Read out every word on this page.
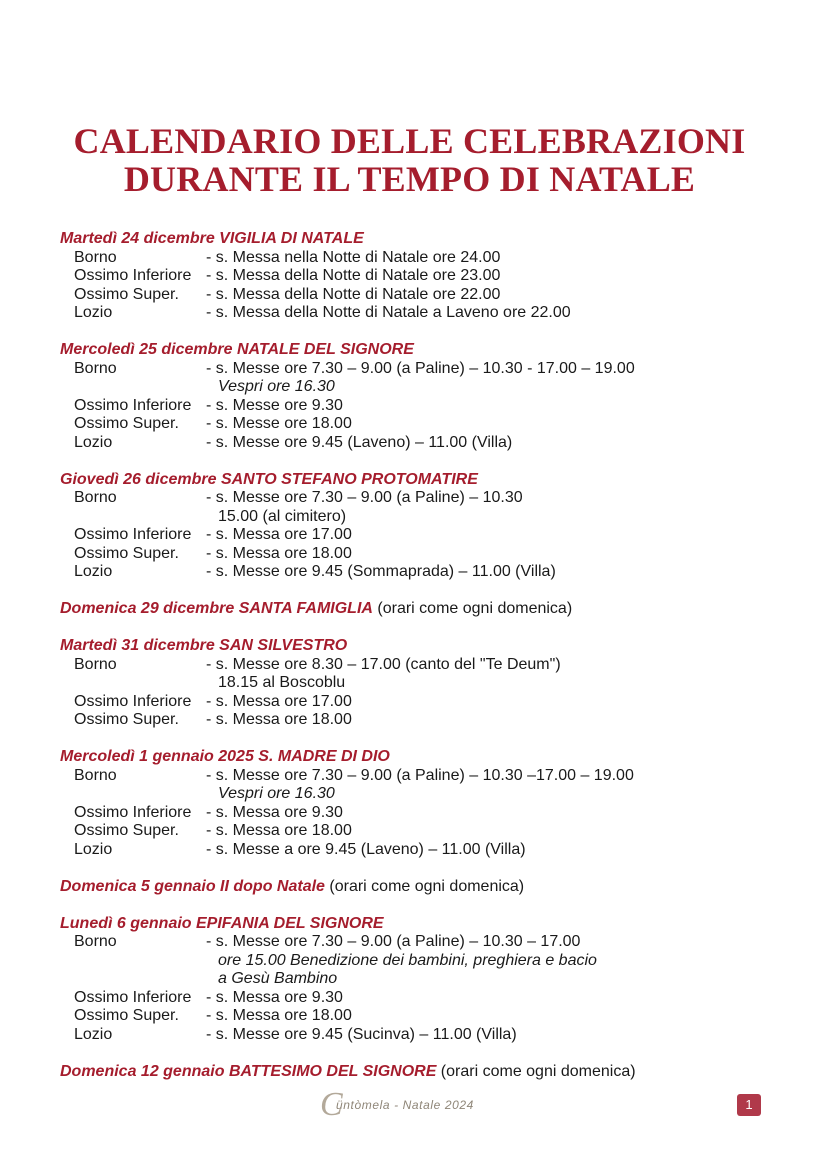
CALENDARIO DELLE CELEBRAZIONI
DURANTE IL TEMPO DI NATALE
Martedì 24 dicembre VIGILIA DI NATALE
Borno	- s. Messa nella Notte di Natale ore 24.00
Ossimo Inferiore - s. Messa della Notte di Natale ore 23.00
Ossimo Super. - s. Messa della Notte di Natale ore 22.00
Lozio	- s. Messa della Notte di Natale a Laveno ore 22.00
Mercoledì 25 dicembre NATALE DEL SIGNORE
Borno	- s. Messe ore 7.30 – 9.00 (a Paline) – 10.30 - 17.00 – 19.00
Vespri ore 16.30
Ossimo Inferiore - s. Messe ore 9.30
Ossimo Super. - s. Messe ore 18.00
Lozio	- s. Messe ore 9.45 (Laveno) – 11.00 (Villa)
Giovedì 26 dicembre SANTO STEFANO PROTOMATIRE
Borno	- s. Messe ore 7.30 – 9.00 (a Paline) – 10.30
15.00 (al cimitero)
Ossimo Inferiore - s. Messa ore 17.00
Ossimo Super. - s. Messa ore 18.00
Lozio	- s. Messe ore 9.45 (Sommaprada) – 11.00 (Villa)
Domenica 29 dicembre SANTA FAMIGLIA (orari come ogni domenica)
Martedì 31 dicembre SAN SILVESTRO
Borno	- s. Messe ore 8.30 – 17.00 (canto del "Te Deum")
18.15 al Boscoblu
Ossimo Inferiore - s. Messa ore 17.00
Ossimo Super. - s. Messa ore 18.00
Mercoledì 1 gennaio 2025 S. MADRE DI DIO
Borno	- s. Messe ore 7.30 – 9.00 (a Paline) – 10.30 –17.00 – 19.00
Vespri ore 16.30
Ossimo Inferiore - s. Messa ore 9.30
Ossimo Super. - s. Messa ore 18.00
Lozio	- s. Messe a ore 9.45 (Laveno) – 11.00 (Villa)
Domenica 5 gennaio II dopo Natale (orari come ogni domenica)
Lunedì 6 gennaio EPIFANIA DEL SIGNORE
Borno	- s. Messe ore 7.30 – 9.00 (a Paline) – 10.30 – 17.00
ore 15.00 Benedizione dei bambini, preghiera e bacio
a Gesù Bambino
Ossimo Inferiore - s. Messa ore 9.30
Ossimo Super. - s. Messa ore 18.00
Lozio	- s. Messe ore 9.45 (Sucinva) – 11.00 (Villa)
Domenica 12 gennaio BATTESIMO DEL SIGNORE (orari come ogni domenica)
C
üntòmela - Natale 2024	1
